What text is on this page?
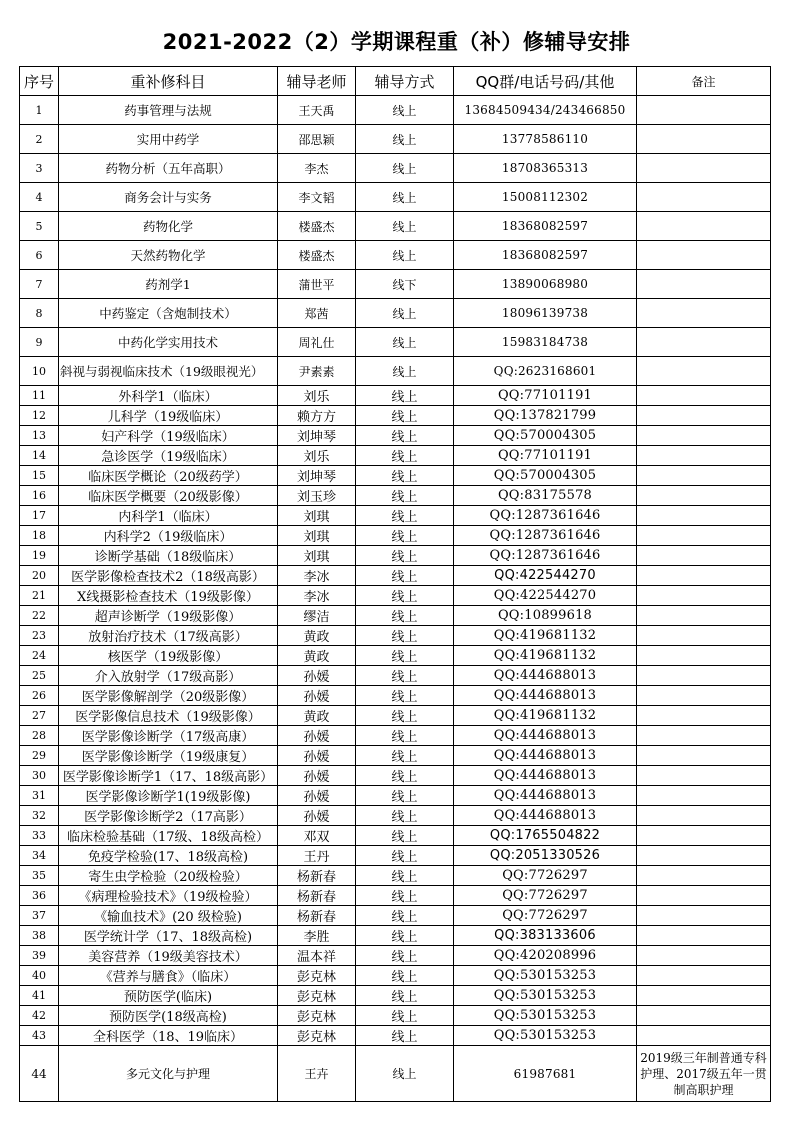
2021-2022（2）学期课程重（补）修辅导安排
序号	重补修科目	辅导老师	辅导方式	QQ群/电话号码/其他	备注
1	药事管理与法规	王天禹	线上	13684509434/243466850	
2	实用中药学	邵思颖	线上	13778586110	
3	药物分析（五年高职）	李杰	线上	18708365313	
4	商务会计与实务	李文韬	线上	15008112302	
5	药物化学	楼盛杰	线上	18368082597	
6	天然药物化学	楼盛杰	线上	18368082597	
7	药剂学1	蒲世平	线下	13890068980	
8	中药鉴定（含炮制技术）	郑茜	线上	18096139738	
9	中药化学实用技术	周礼仕	线上	15983184738	
10	斜视与弱视临床技术（19级眼视光）	尹素素	线上	QQ:2623168601	
11	外科学1（临床）	刘乐	线上	QQ:77101191	
12	儿科学（19级临床）	赖方方	线上	QQ:137821799	
13	妇产科学（19级临床）	刘坤琴	线上	QQ:570004305	
14	急诊医学（19级临床）	刘乐	线上	QQ:77101191	
15	临床医学概论（20级药学）	刘坤琴	线上	QQ:570004305	
16	临床医学概要（20级影像）	刘玉珍	线上	QQ:83175578	
17	内科学1（临床）	刘琪	线上	QQ:1287361646	
18	内科学2（19级临床）	刘琪	线上	QQ:1287361646	
19	诊断学基础（18级临床）	刘琪	线上	QQ:1287361646	
20	医学影像检查技术2（18级高影）	李冰	线上	QQ:422544270	
21	X线摄影检查技术（19级影像）	李冰	线上	QQ:422544270	
22	超声诊断学（19级影像）	缪洁	线上	QQ:10899618	
23	放射治疗技术（17级高影）	黄政	线上	QQ:419681132	
24	核医学（19级影像）	黄政	线上	QQ:419681132	
25	介入放射学（17级高影）	孙媛	线上	QQ:444688013	
26	医学影像解剖学（20级影像）	孙媛	线上	QQ:444688013	
27	医学影像信息技术（19级影像）	黄政	线上	QQ:419681132	
28	医学影像诊断学（17级高康）	孙媛	线上	QQ:444688013	
29	医学影像诊断学（19级康复）	孙媛	线上	QQ:444688013	
30	医学影像诊断学1（17、18级高影）	孙媛	线上	QQ:444688013	
31	医学影像诊断学1(19级影像)	孙媛	线上	QQ:444688013	
32	医学影像诊断学2（17高影）	孙媛	线上	QQ:444688013	
33	临床检验基础（17级、18级高检）	邓双	线上	QQ:1765504822	
34	免疫学检验(17、18级高检)	王丹	线上	QQ:2051330526	
35	寄生虫学检验（20级检验）	杨新春	线上	QQ:7726297	
36	《病理检验技术》（19级检验）	杨新春	线上	QQ:7726297	
37	《输血技术》(20 级检验)	杨新春	线上	QQ:7726297	
38	医学统计学（17、18级高检)	李胜	线上	QQ:383133606	
39	美容营养（19级美容技术）	温本祥	线上	QQ:420208996	
40	《营养与膳食》（临床）	彭克林	线上	QQ:530153253	
41	预防医学(临床)	彭克林	线上	QQ:530153253	
42	预防医学(18级高检)	彭克林	线上	QQ:530153253	
43	全科医学（18、19临床）	彭克林	线上	QQ:530153253	
44	多元文化与护理	王卉	线上	61987681	2019级三年制普通专科护理、2017级五年一贯制高职护理
